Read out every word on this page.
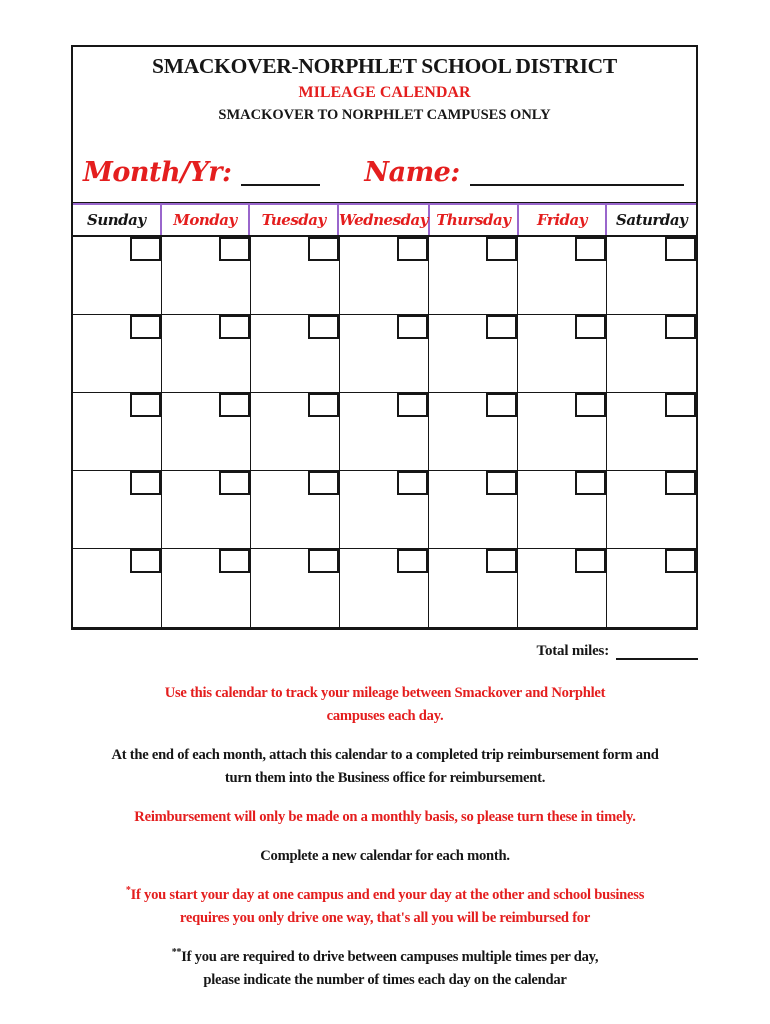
SMACKOVER-NORPHLET SCHOOL DISTRICT
MILEAGE CALENDAR
SMACKOVER TO NORPHLET CAMPUSES ONLY
Month/Yr:	Name:
Sunday	Monday	Tuesday Wednesday Thursday	Friday	Saturday
Total miles:
Use this calendar to track your mileage between Smackover and Norphlet
campuses each day.
At the end of each month, attach this calendar to a completed trip reimbursement form and
turn them into the Business office for reimbursement.
Reimbursement will only be made on a monthly basis, so please turn these in timely.
Complete a new calendar for each month.
*If you start your day at one campus and end your day at the other and school business
requires you only drive one way, that's all you will be reimbursed for
**If you are required to drive between campuses multiple times per day,
please indicate the number of times each day on the calendar
